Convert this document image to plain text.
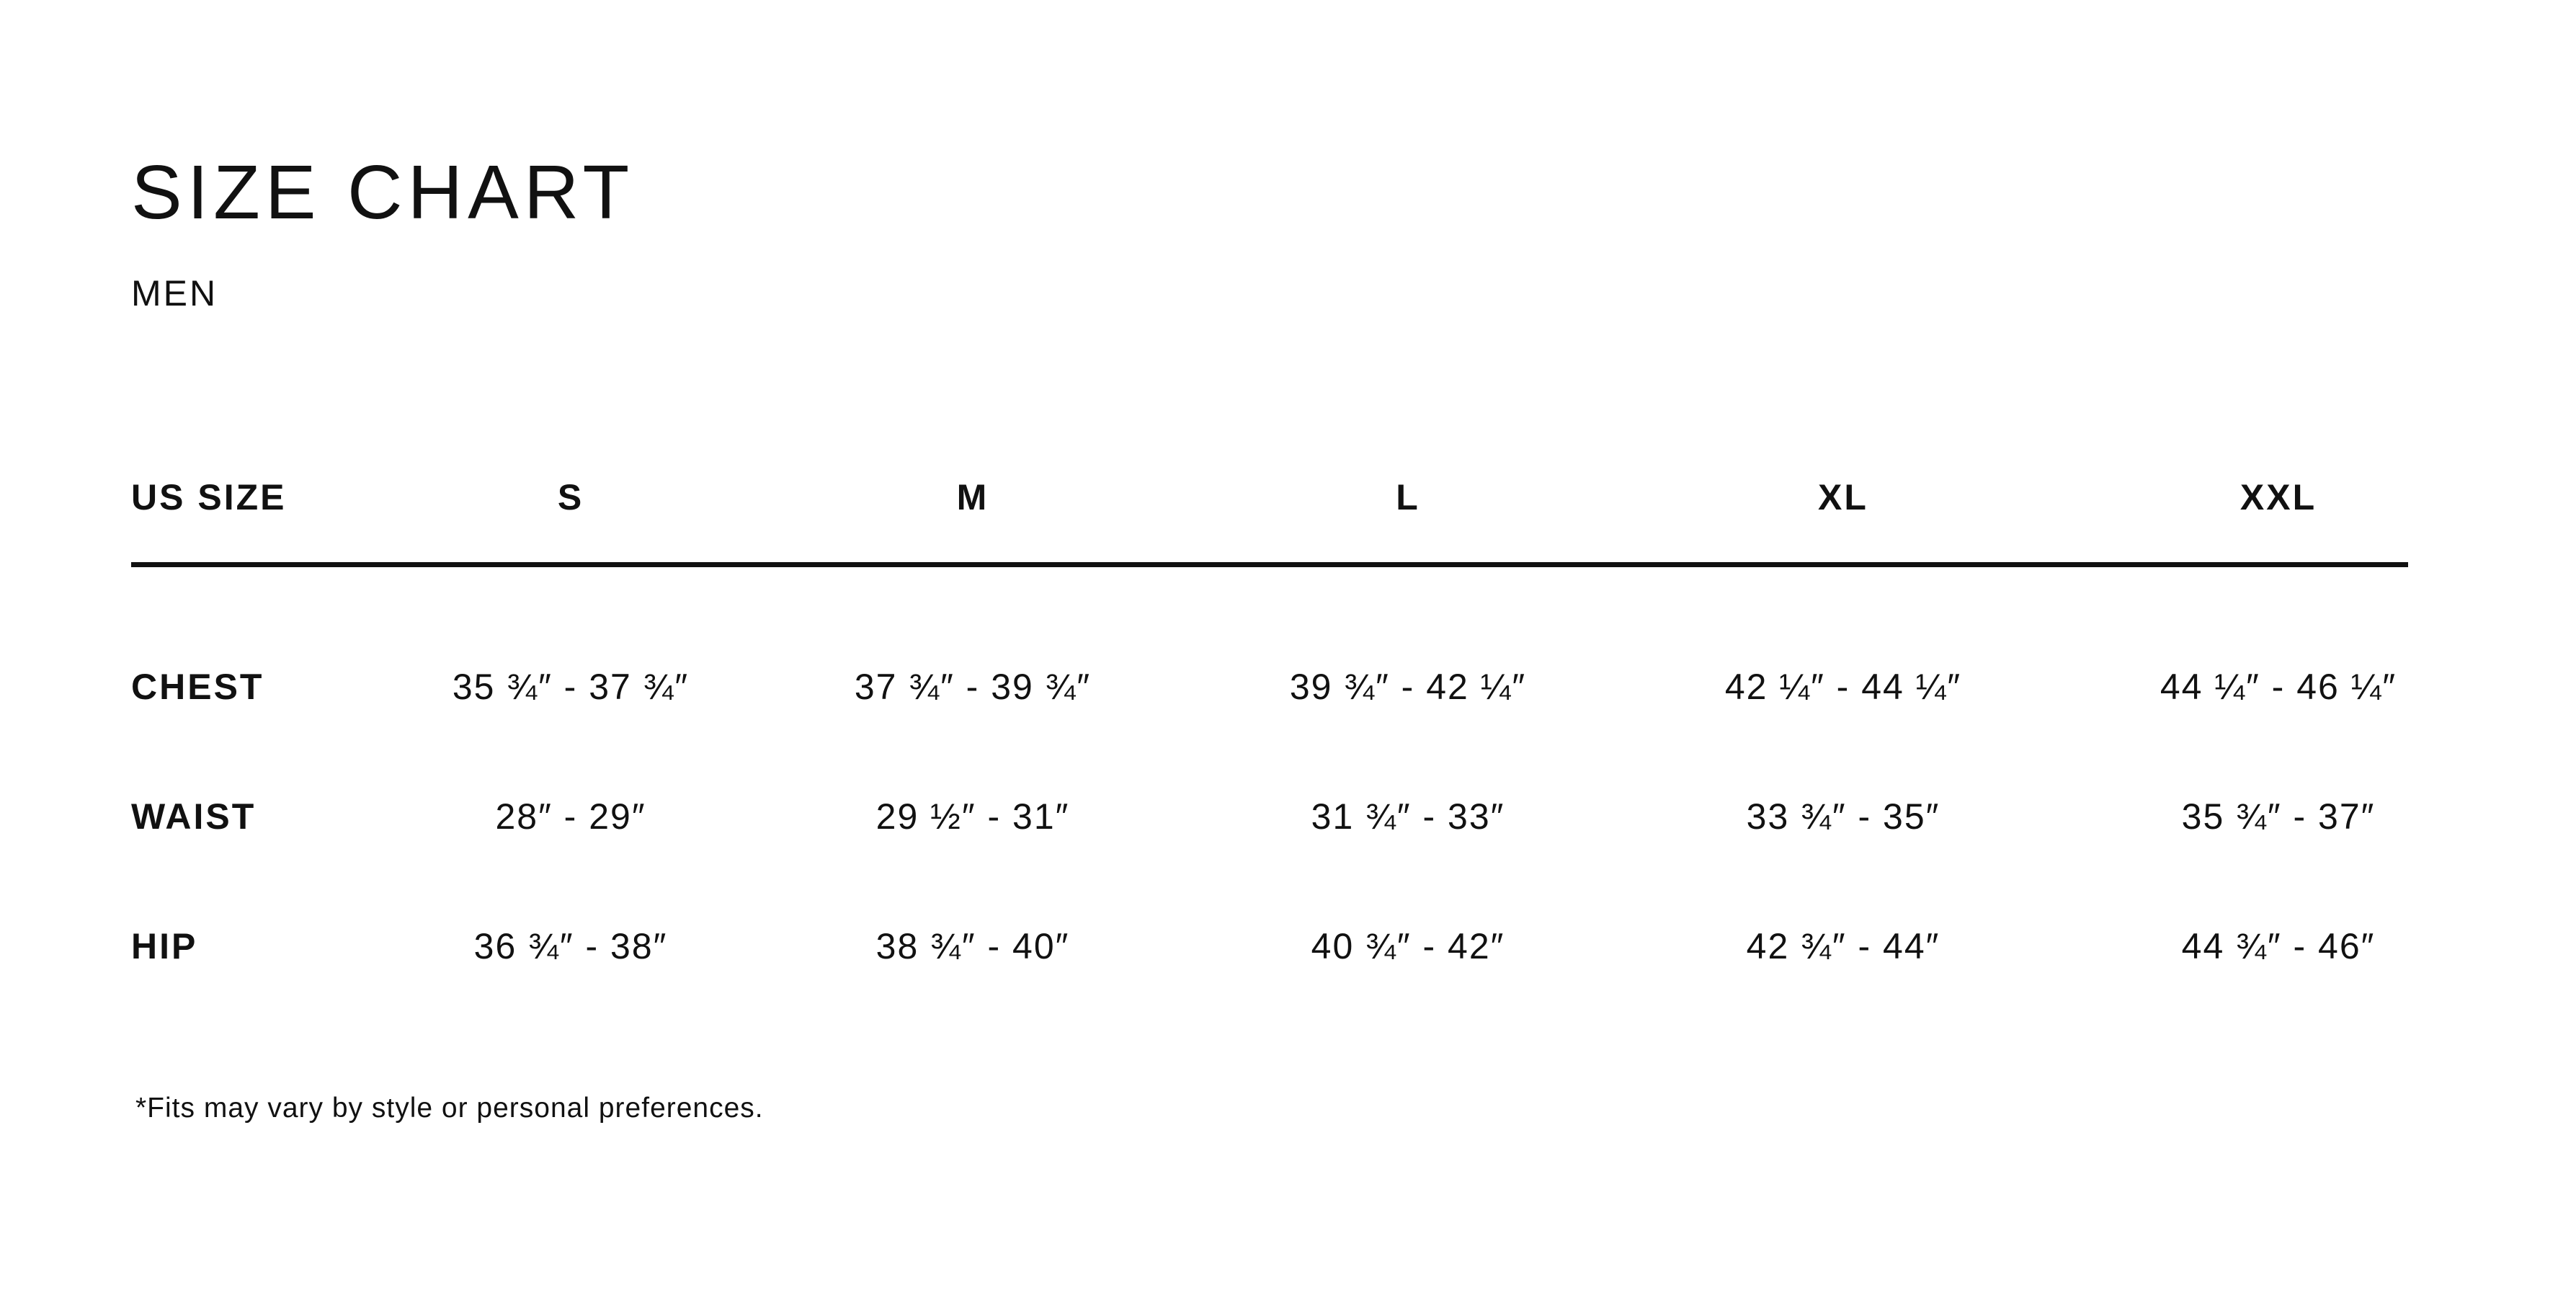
SIZE CHART
MEN
US SIZE	S	M	L	XL	XXL
CHEST	35 ¾″ - 37 ¾″	37 ¾″ - 39 ¾″	39 ¾″ - 42 ¼″	42 ¼″ - 44 ¼″	44 ¼″ - 46 ¼″
WAIST	28″ - 29″	29 ½″ - 31″	31 ¾″ - 33″	33 ¾″ - 35″	35 ¾″ - 37″
HIP	36 ¾″ - 38″	38 ¾″ - 40″	40 ¾″ - 42″	42 ¾″ - 44″	44 ¾″ - 46″

*Fits may vary by style or personal preferences.
